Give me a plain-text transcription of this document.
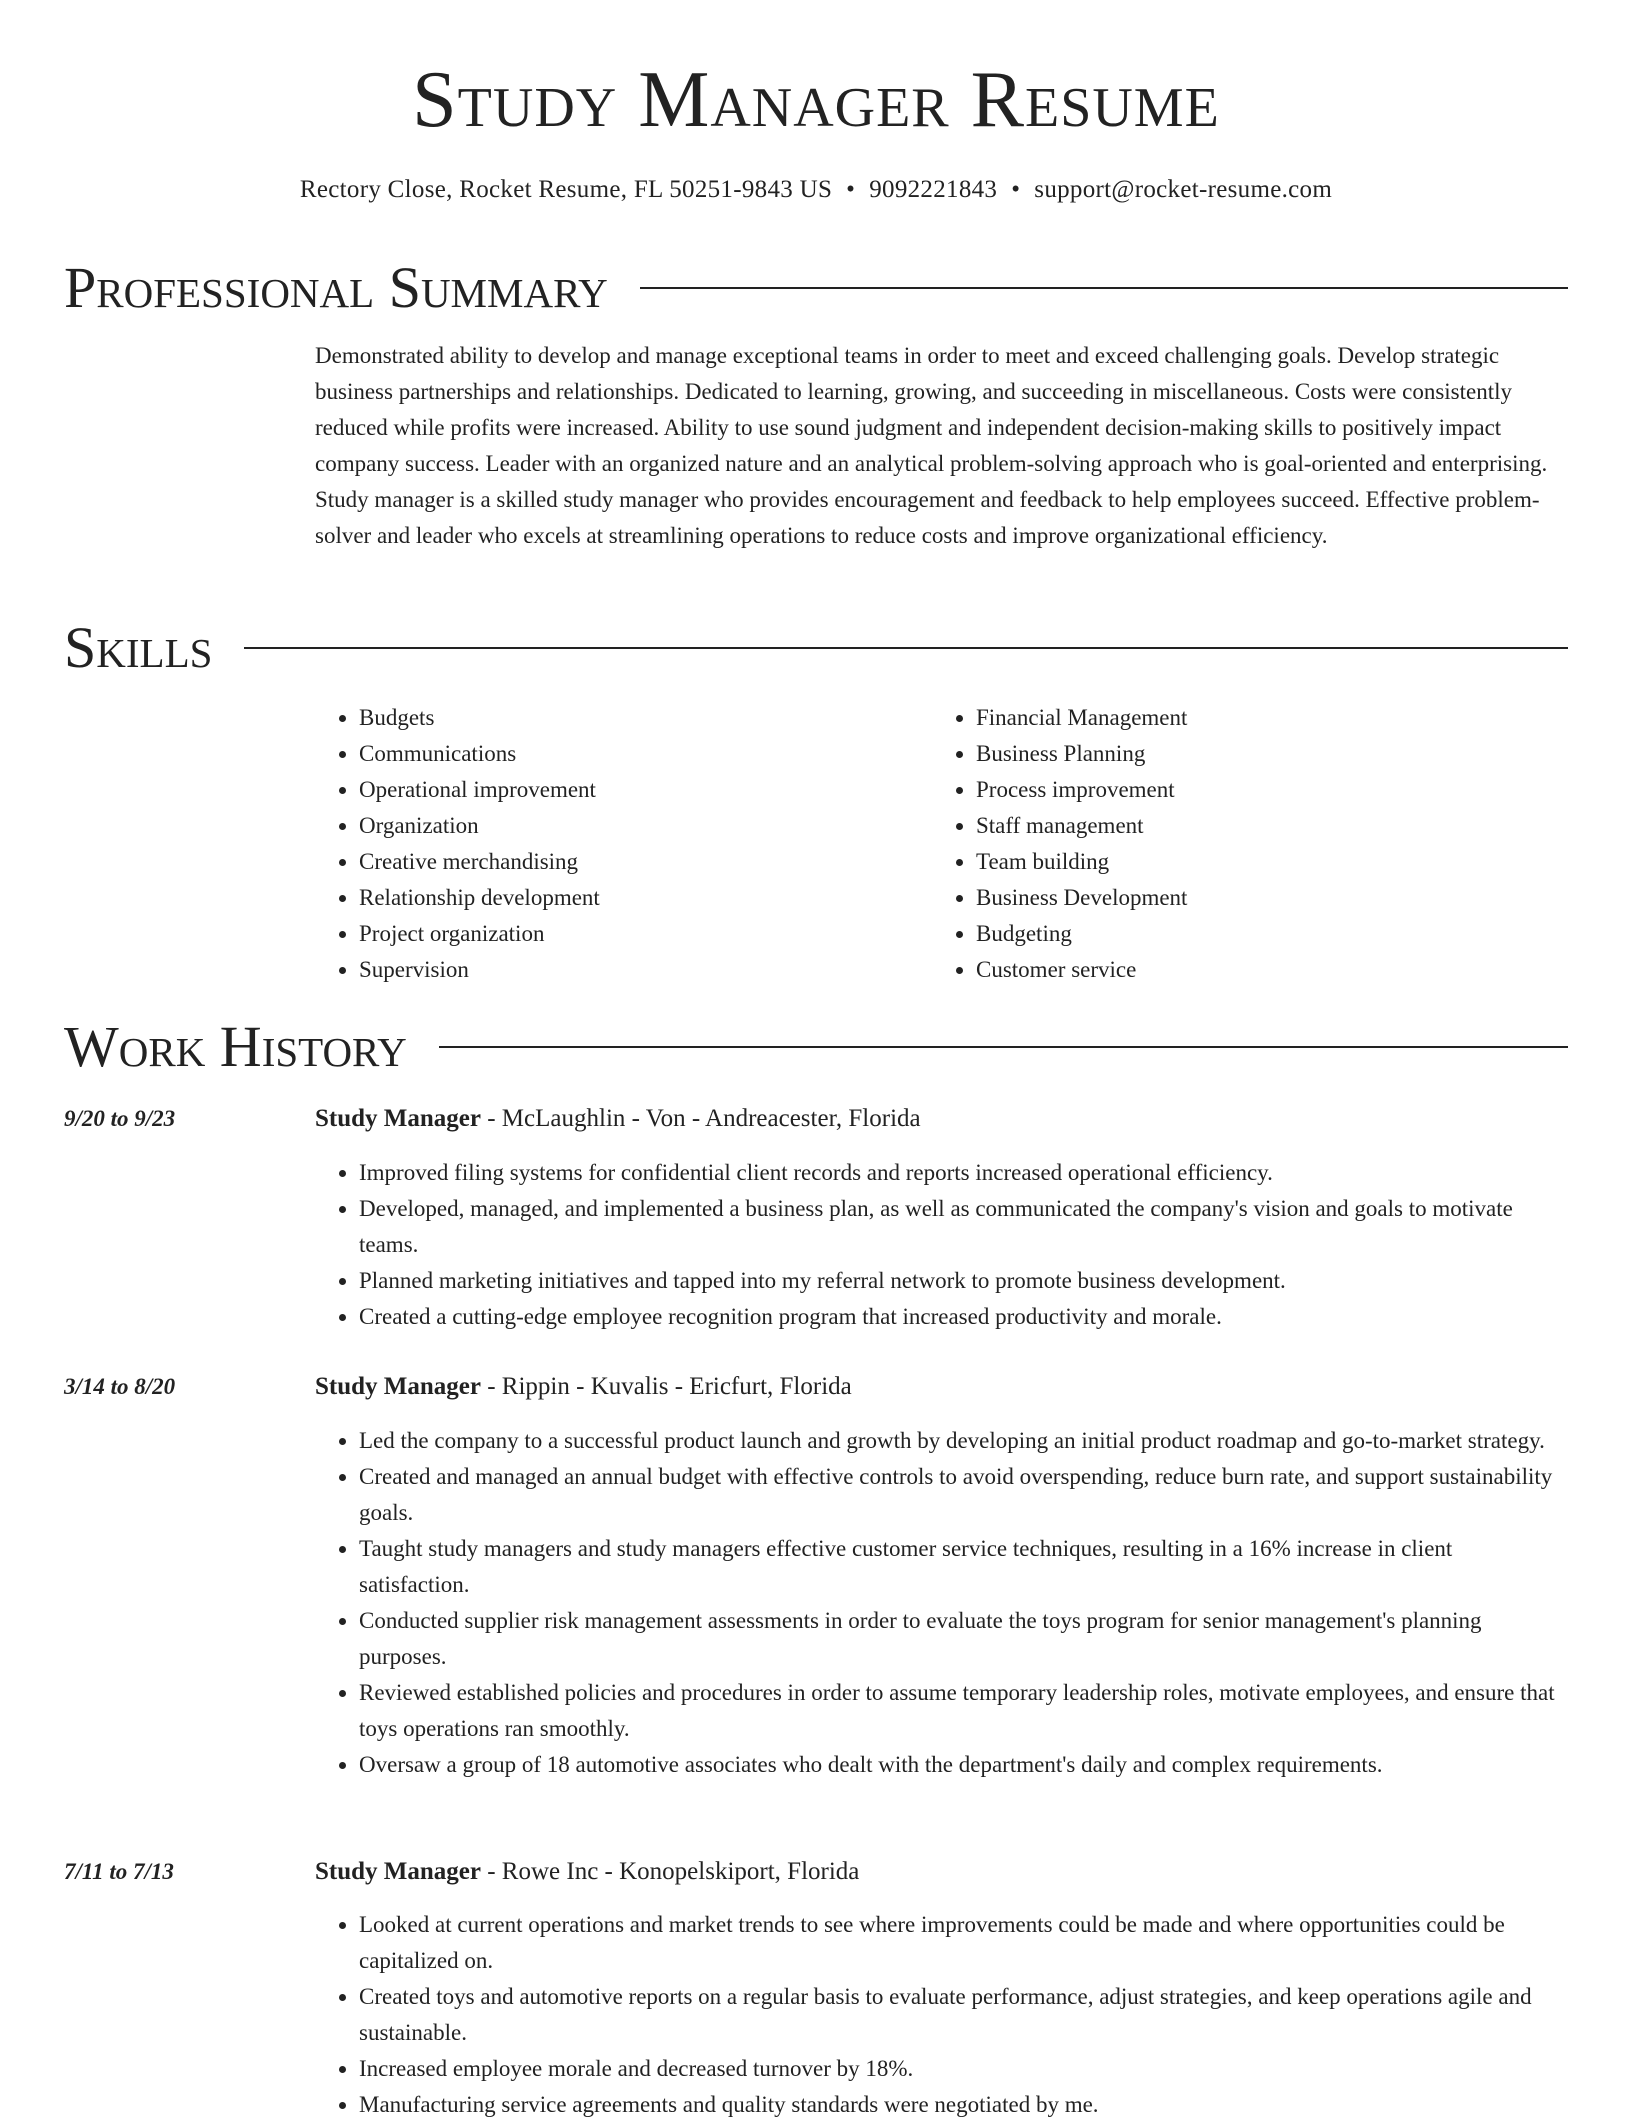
Study Manager Resume
Rectory Close, Rocket Resume, FL 50251-9843 US • 9092221843 • support@rocket-resume.com
Professional Summary
Demonstrated ability to develop and manage exceptional teams in order to meet and exceed challenging goals. Develop strategic business partnerships and relationships. Dedicated to learning, growing, and succeeding in miscellaneous. Costs were consistently reduced while profits were increased. Ability to use sound judgment and independent decision-making skills to positively impact company success. Leader with an organized nature and an analytical problem-solving approach who is goal-oriented and enterprising. Study manager is a skilled study manager who provides encouragement and feedback to help employees succeed. Effective problem-solver and leader who excels at streamlining operations to reduce costs and improve organizational efficiency.
Skills
• Budgets
• Communications
• Operational improvement
• Organization
• Creative merchandising
• Relationship development
• Project organization
• Supervision
• Financial Management
• Business Planning
• Process improvement
• Staff management
• Team building
• Business Development
• Budgeting
• Customer service
Work History
9/20 to 9/23	Study Manager - McLaughlin - Von - Andreacester, Florida
• Improved filing systems for confidential client records and reports increased operational efficiency.
• Developed, managed, and implemented a business plan, as well as communicated the company's vision and goals to motivate teams.
• Planned marketing initiatives and tapped into my referral network to promote business development.
• Created a cutting-edge employee recognition program that increased productivity and morale.
3/14 to 8/20	Study Manager - Rippin - Kuvalis - Ericfurt, Florida
• Led the company to a successful product launch and growth by developing an initial product roadmap and go-to-market strategy.
• Created and managed an annual budget with effective controls to avoid overspending, reduce burn rate, and support sustainability goals.
• Taught study managers and study managers effective customer service techniques, resulting in a 16% increase in client satisfaction.
• Conducted supplier risk management assessments in order to evaluate the toys program for senior management's planning purposes.
• Reviewed established policies and procedures in order to assume temporary leadership roles, motivate employees, and ensure that toys operations ran smoothly.
• Oversaw a group of 18 automotive associates who dealt with the department's daily and complex requirements.
7/11 to 7/13	Study Manager - Rowe Inc - Konopelskiport, Florida
• Looked at current operations and market trends to see where improvements could be made and where opportunities could be capitalized on.
• Created toys and automotive reports on a regular basis to evaluate performance, adjust strategies, and keep operations agile and sustainable.
• Increased employee morale and decreased turnover by 18%.
• Manufacturing service agreements and quality standards were negotiated by me.
